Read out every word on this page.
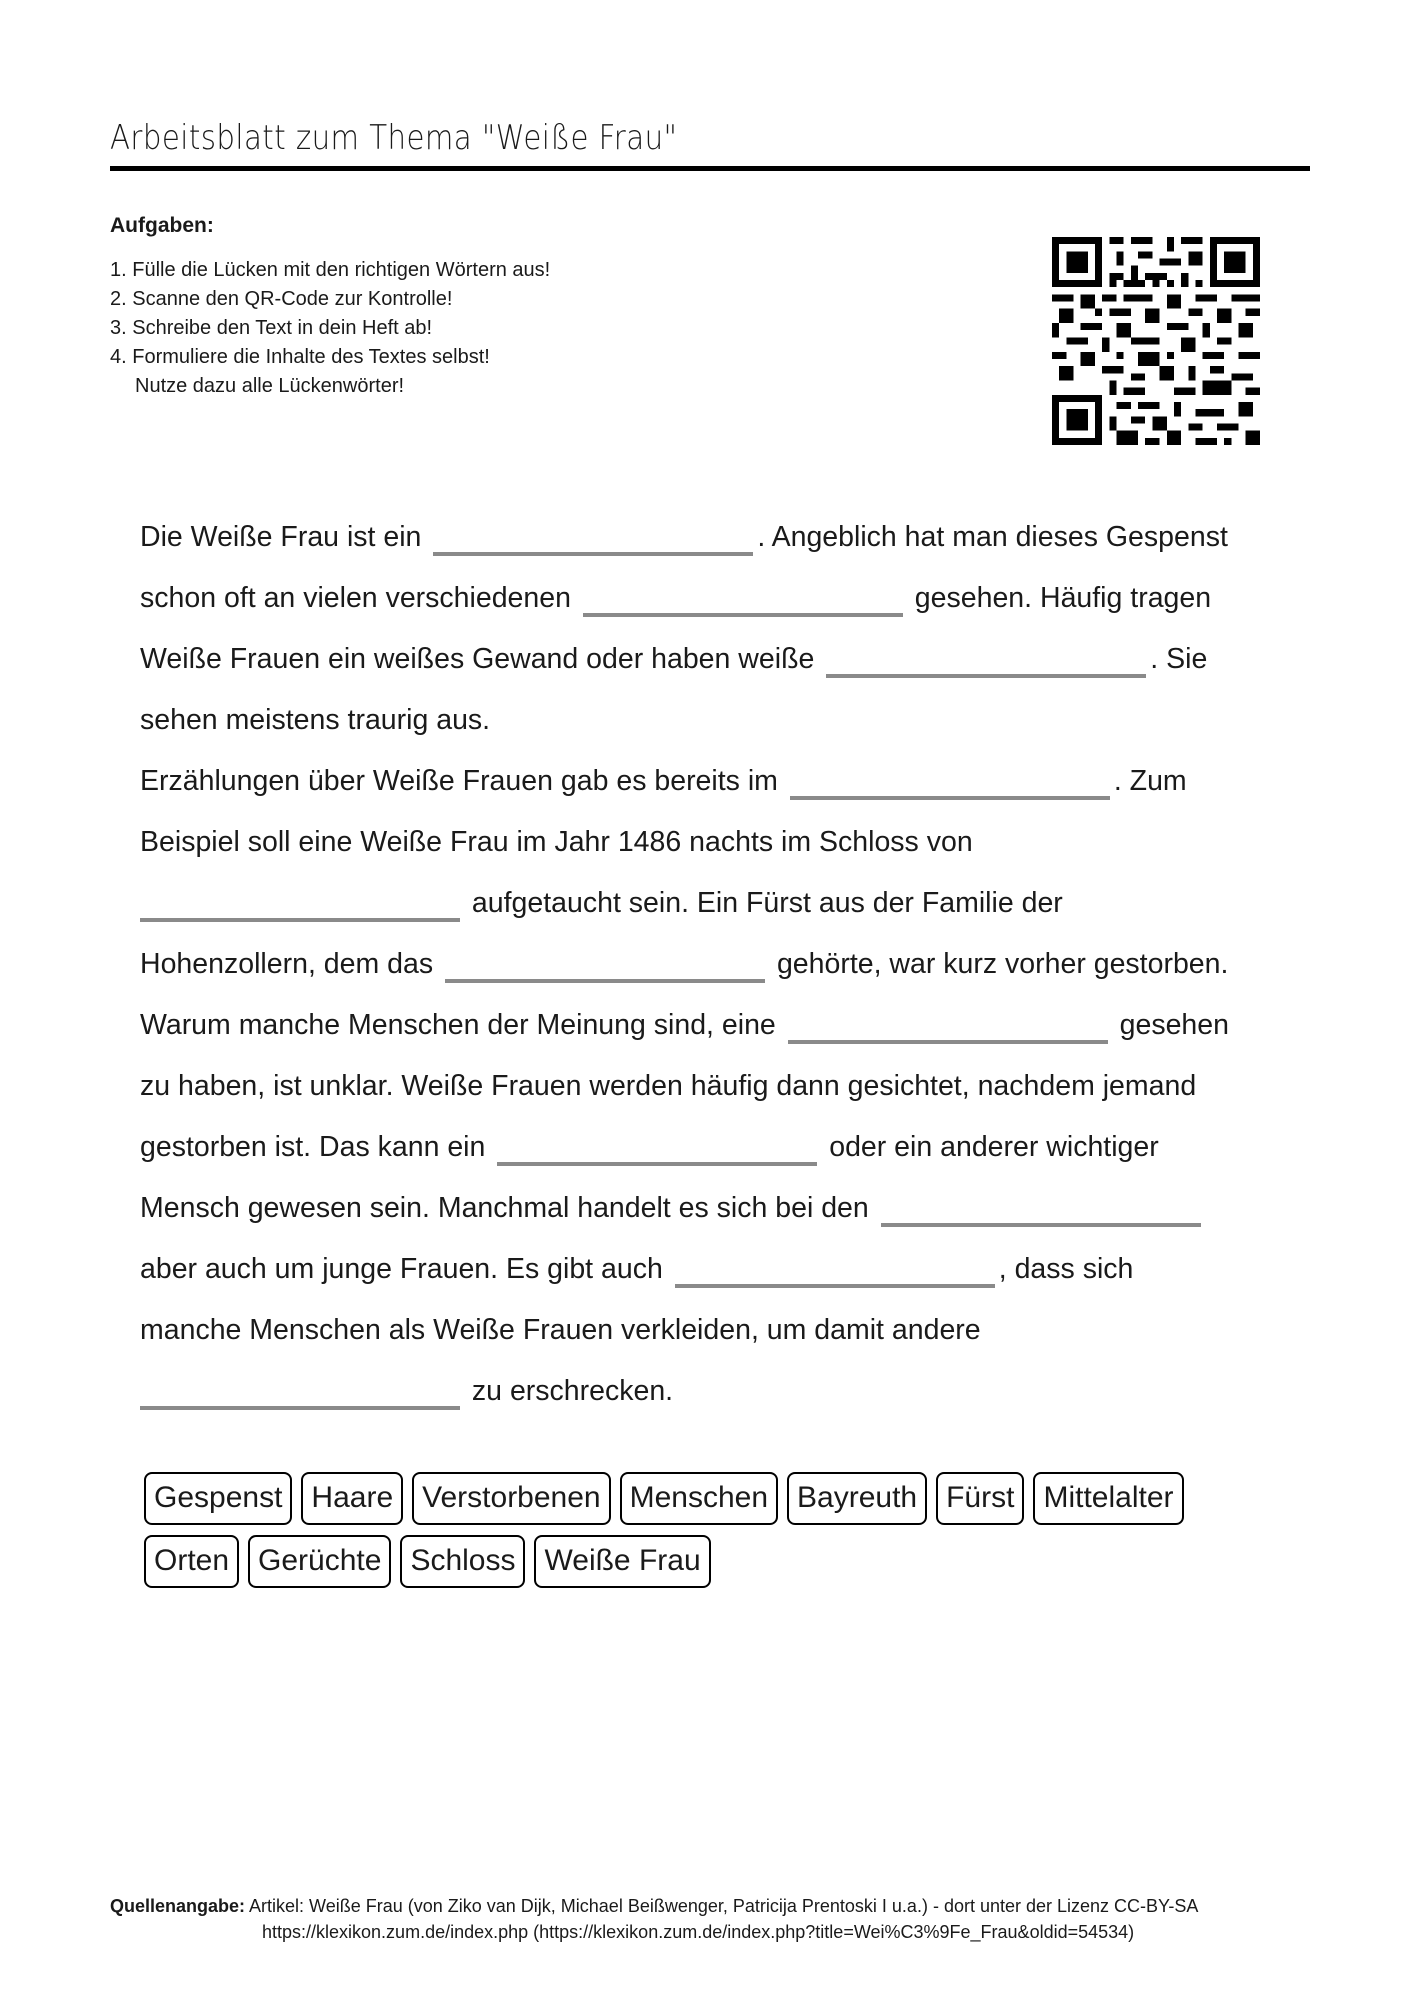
Arbeitsblatt zum Thema "Weiße Frau"
Aufgaben:
1. Fülle die Lücken mit den richtigen Wörtern aus!
2. Scanne den QR-Code zur Kontrolle!
3. Schreibe den Text in dein Heft ab!
4. Formuliere die Inhalte des Textes selbst!
Nutze dazu alle Lückenwörter!
Die Weiße Frau ist ein	. Angeblich hat man dieses Gespenst
schon oft an vielen verschiedenen	gesehen. Häufig tragen
Weiße Frauen ein weißes Gewand oder haben weiße	. Sie
sehen meistens traurig aus.
Erzählungen über Weiße Frauen gab es bereits im	. Zum
Beispiel soll eine Weiße Frau im Jahr 1486 nachts im Schloss von
aufgetaucht sein. Ein Fürst aus der Familie der
Hohenzollern, dem das	gehörte, war kurz vorher gestorben.
Warum manche Menschen der Meinung sind, eine	gesehen
zu haben, ist unklar. Weiße Frauen werden häufig dann gesichtet, nachdem jemand
gestorben ist. Das kann ein	oder ein anderer wichtiger
Mensch gewesen sein. Manchmal handelt es sich bei den
aber auch um junge Frauen. Es gibt auch	, dass sich
manche Menschen als Weiße Frauen verkleiden, um damit andere
zu erschrecken.
Gespenst Haare Verstorbenen Menschen Bayreuth Fürst Mittelalter
Orten Gerüchte Schloss Weiße Frau
Quellenangabe: Artikel: Weiße Frau (von Ziko van Dijk, Michael Beißwenger, Patricija Prentoski I u.a.) - dort unter der Lizenz CC-BY-SA
https://klexikon.zum.de/index.php (https://klexikon.zum.de/index.php?title=Wei%C3%9Fe_Frau&oldid=54534)
